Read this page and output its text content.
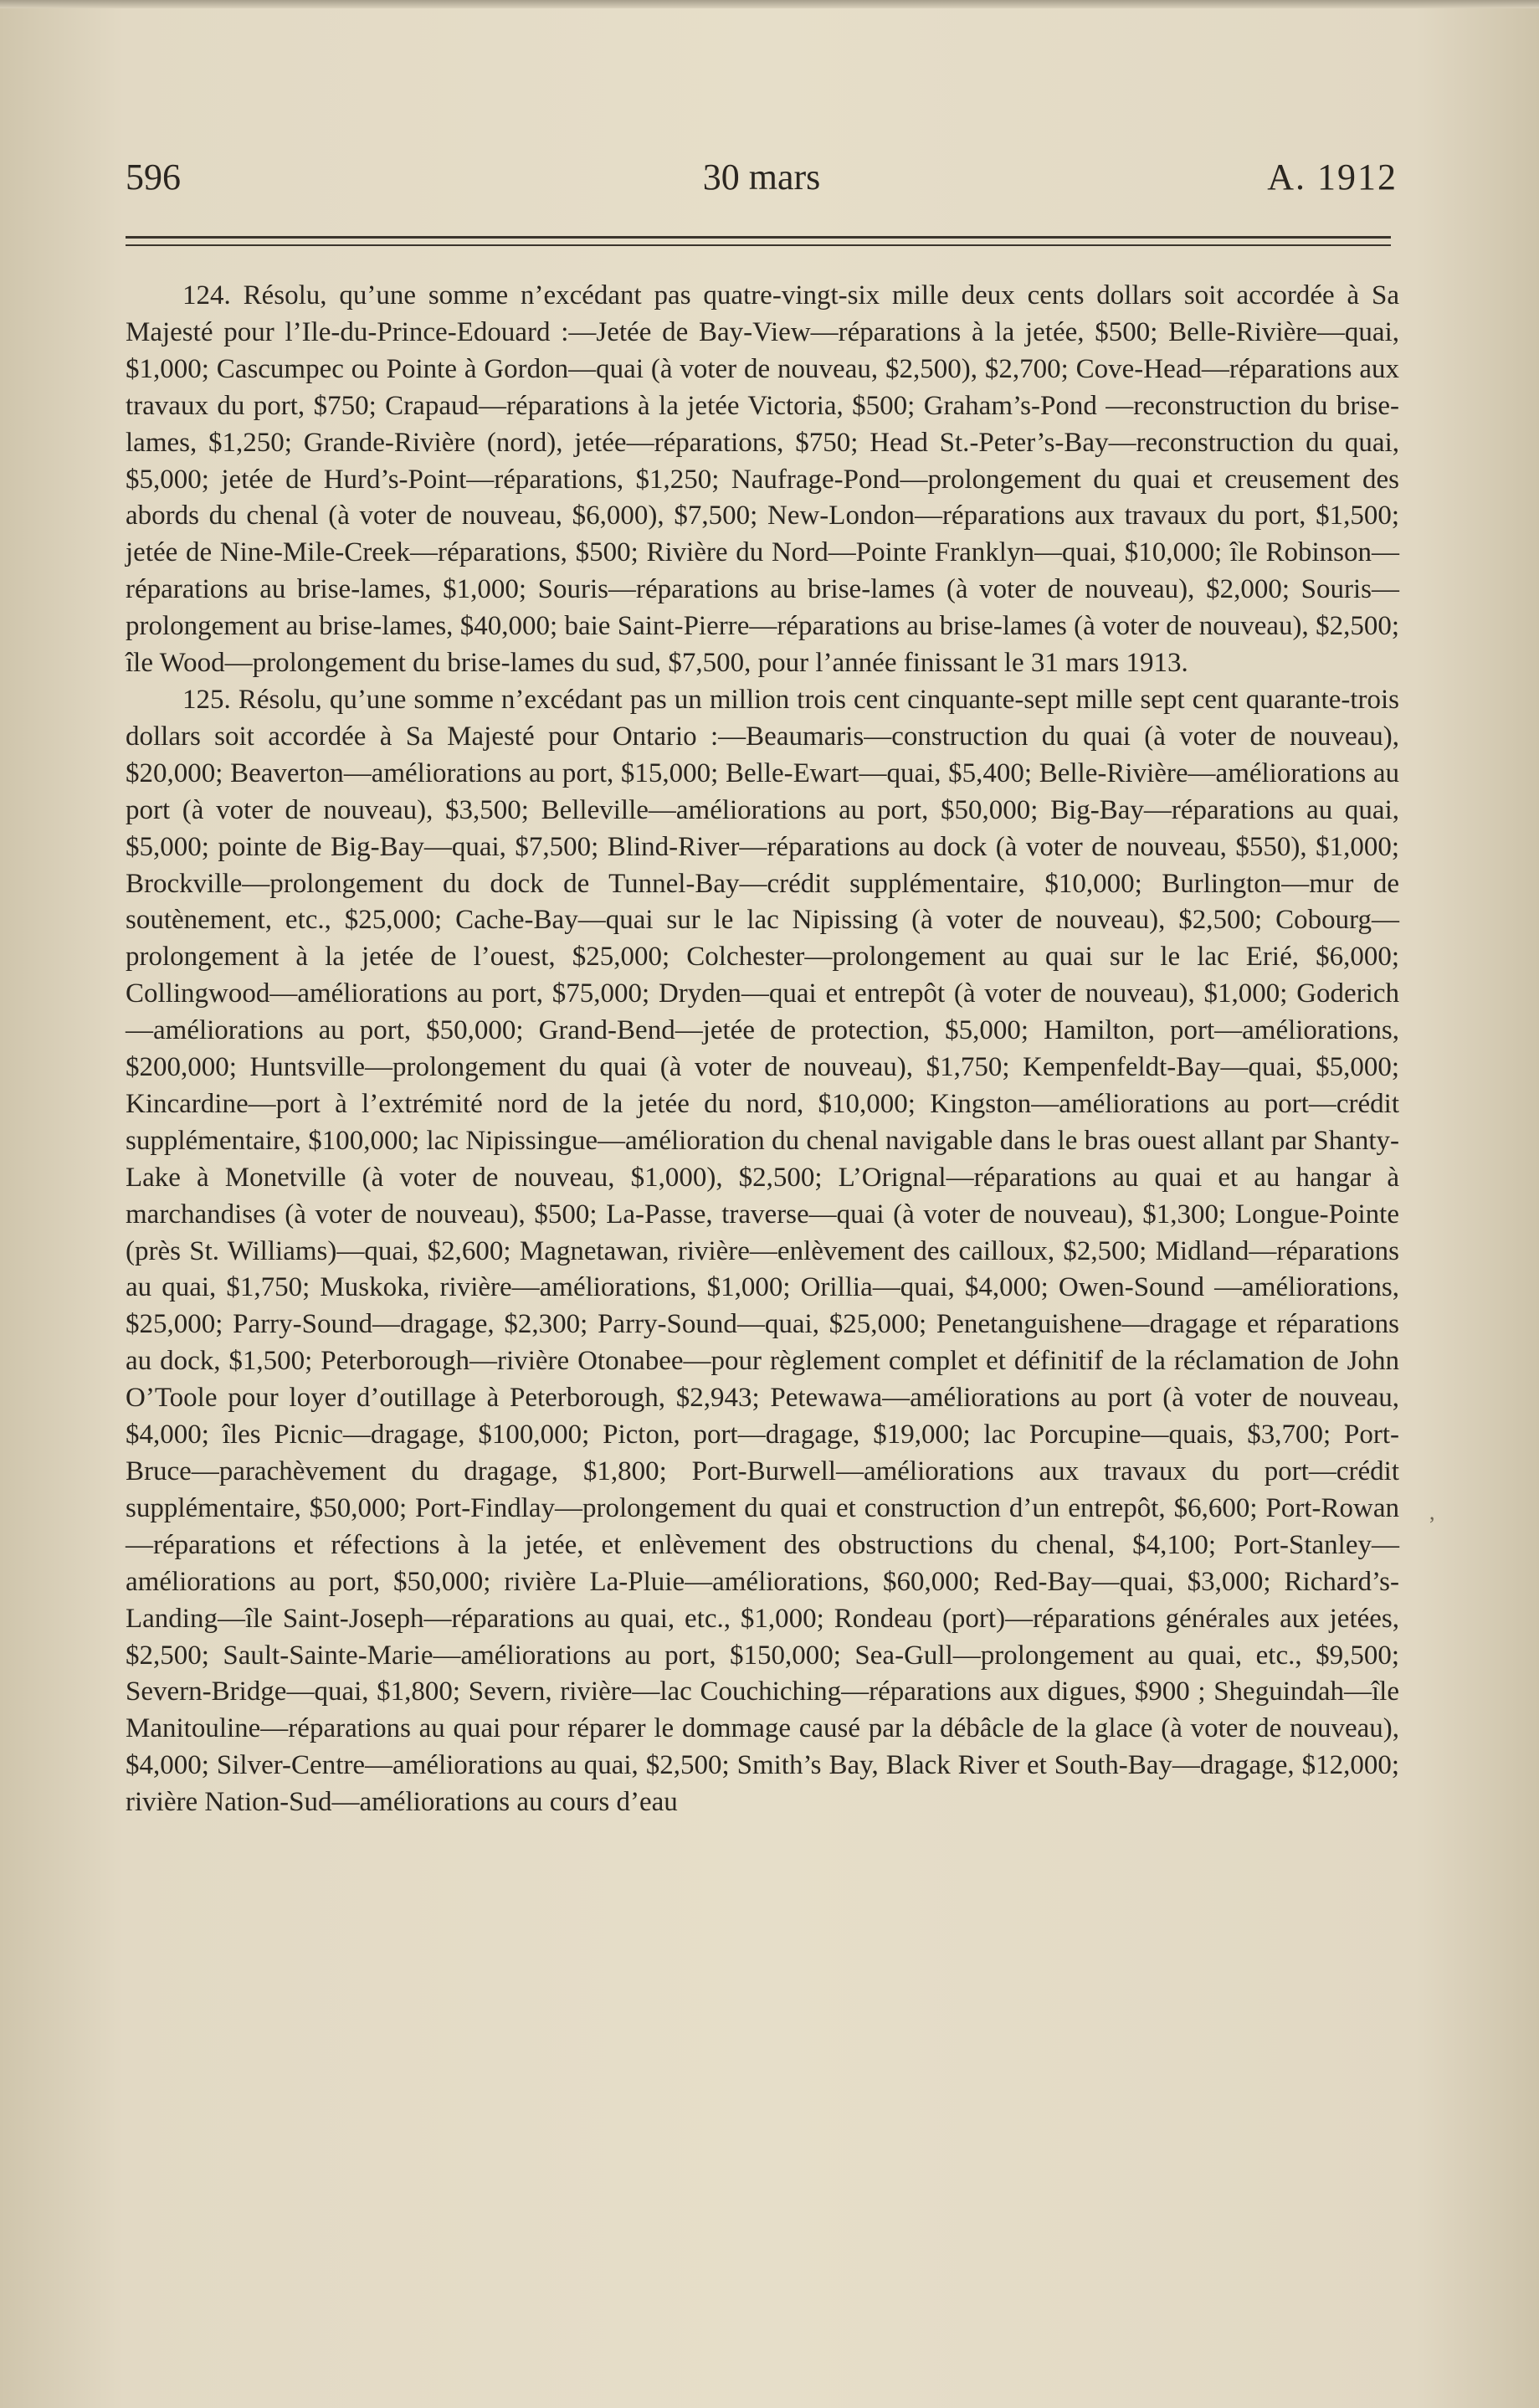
596	30 mars	A. 1912

124. Résolu, qu’une somme n’excédant pas quatre-vingt-six mille deux cents dollars soit accordée à Sa Majesté pour l’Ile-du-Prince-Edouard :—Jetée de Bay-View—réparations à la jetée, $500; Belle-Rivière—quai, $1,000; Cascumpec ou Pointe à Gordon—quai (à voter de nouveau, $2,500), $2,700; Cove-Head—réparations aux travaux du port, $750; Crapaud—réparations à la jetée Victoria, $500; Graham’s-Pond —reconstruction du brise-lames, $1,250; Grande-Rivière (nord), jetée—réparations, $750; Head St.-Peter’s-Bay—reconstruction du quai, $5,000; jetée de Hurd’s-Point—réparations, $1,250; Naufrage-Pond—prolongement du quai et creusement des abords du chenal (à voter de nouveau, $6,000), $7,500; New-London—réparations aux travaux du port, $1,500; jetée de Nine-Mile-Creek—réparations, $500; Rivière du Nord—Pointe Franklyn—quai, $10,000; île Robinson—réparations au brise-lames, $1,000; Souris—réparations au brise-lames (à voter de nouveau), $2,000; Souris—prolongement au brise-lames, $40,000; baie Saint-Pierre—réparations au brise-lames (à voter de nouveau), $2,500; île Wood—prolongement du brise-lames du sud, $7,500, pour l’année finissant le 31 mars 1913.

125. Résolu, qu’une somme n’excédant pas un million trois cent cinquante-sept mille sept cent quarante-trois dollars soit accordée à Sa Majesté pour Ontario :—Beaumaris—construction du quai (à voter de nouveau), $20,000; Beaverton—améliorations au port, $15,000; Belle-Ewart—quai, $5,400; Belle-Rivière—améliorations au port (à voter de nouveau), $3,500; Belleville—améliorations au port, $50,000; Big-Bay—réparations au quai, $5,000; pointe de Big-Bay—quai, $7,500; Blind-River—réparations au dock (à voter de nouveau, $550), $1,000; Brockville—prolongement du dock de Tunnel-Bay—crédit supplémentaire, $10,000; Burlington—mur de soutènement, etc., $25,000; Cache-Bay—quai sur le lac Nipissing (à voter de nouveau), $2,500; Cobourg—prolongement à la jetée de l’ouest, $25,000; Colchester—prolongement au quai sur le lac Erié, $6,000; Collingwood—améliorations au port, $75,000; Dryden—quai et entrepôt (à voter de nouveau), $1,000; Goderich—améliorations au port, $50,000; Grand-Bend—jetée de protection, $5,000; Hamilton, port—améliorations, $200,000; Huntsville—prolongement du quai (à voter de nouveau), $1,750; Kempenfeldt-Bay—quai, $5,000; Kincardine—port à l’extrémité nord de la jetée du nord, $10,000; Kingston—améliorations au port—crédit supplémentaire, $100,000; lac Nipissingue—amélioration du chenal navigable dans le bras ouest allant par Shanty-Lake à Monetville (à voter de nouveau, $1,000), $2,500; L’Orignal—réparations au quai et au hangar à marchandises (à voter de nouveau), $500; La-Passe, traverse—quai (à voter de nouveau), $1,300; Longue-Pointe (près St. Williams)—quai, $2,600; Magnetawan, rivière—enlèvement des cailloux, $2,500; Midland—réparations au quai, $1,750; Muskoka, rivière—améliorations, $1,000; Orillia—quai, $4,000; Owen-Sound —améliorations, $25,000; Parry-Sound—dragage, $2,300; Parry-Sound—quai, $25,000; Penetanguishene—dragage et réparations au dock, $1,500; Peterborough—rivière Otonabee—pour règlement complet et définitif de la réclamation de John O’Toole pour loyer d’outillage à Peterborough, $2,943; Petewawa—améliorations au port (à voter de nouveau, $4,000; îles Picnic—dragage, $100,000; Picton, port—dragage, $19,000; lac Porcupine—quais, $3,700; Port-Bruce—parachèvement du dragage, $1,800; Port-Burwell—améliorations aux travaux du port—crédit supplémentaire, $50,000; Port-Findlay—prolongement du quai et construction d’un entrepôt, $6,600; Port-Rowan—réparations et réfections à la jetée, et enlèvement des obstructions du chenal, $4,100; Port-Stanley—améliorations au port, $50,000; rivière La-Pluie—améliorations, $60,000; Red-Bay—quai, $3,000; Richard’s-Landing—île Saint-Joseph—réparations au quai, etc., $1,000; Rondeau (port)—réparations générales aux jetées, $2,500; Sault-Sainte-Marie—améliorations au port, $150,000; Sea-Gull—prolongement au quai, etc., $9,500; Severn-Bridge—quai, $1,800; Severn, rivière—lac Couchiching—réparations aux digues, $900 ; Sheguindah—île Manitouline—réparations au quai pour réparer le dommage causé par la débâcle de la glace (à voter de nouveau), $4,000; Silver-Centre—améliorations au quai, $2,500; Smith’s Bay, Black River et South-Bay—dragage, $12,000; rivière Nation-Sud—améliorations au cours d’eau

,
